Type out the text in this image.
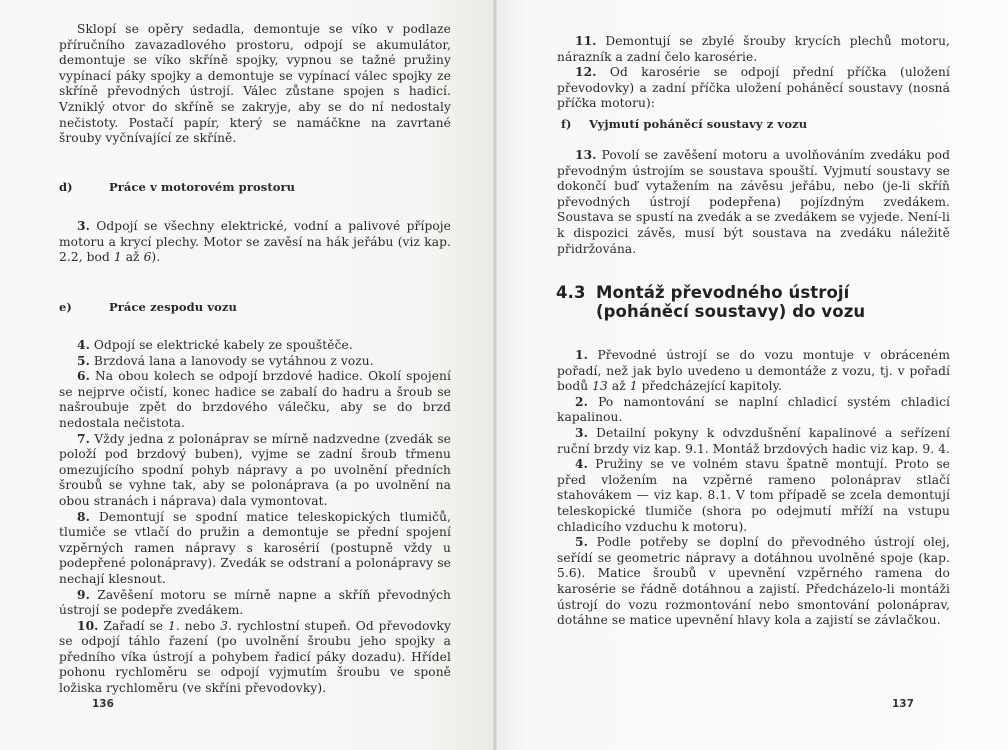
Sklopí se opěry sedadla, demontuje se víko v podlaze příručního zavazadlového prostoru, odpojí se akumulátor, demontuje se víko skříně spojky, vypnou se tažné pružiny vypínací páky spojky a demontuje se vypínací válec spojky ze skříně převodných ústrojí. Válec zůstane spojen s hadicí. Vzniklý otvor do skříně se zakryje, aby se do ní nedostaly nečistoty. Postačí papír, který se namáčkne na zavrtané šrouby vyčnívající ze skříně.

d)	Práce v motorovém prostoru

3. Odpojí se všechny elektrické, vodní a palivové přípoje motoru a krycí plechy. Motor se zavěsí na hák jeřábu (viz kap. 2.2, bod 1 až 6).

e)	Práce zespodu vozu

4. Odpojí se elektrické kabely ze spouštěče.

5. Brzdová lana a lanovody se vytáhnou z vozu.

6. Na obou kolech se odpojí brzdové hadice. Okolí spojení se nejprve očistí, konec hadice se zabalí do hadru a šroub se našroubuje zpět do brzdového válečku, aby se do brzd nedostala nečistota.

7. Vždy jedna z polonáprav se mírně nadzvedne (zvedák se položí pod brzdový buben), vyjme se zadní šroub třmenu omezujícího spodní pohyb nápravy a po uvolnění předních šroubů se vyhne tak, aby se polonáprava (a po uvolnění na obou stranách i náprava) dala vymontovat.

8. Demontují se spodní matice teleskopických tlumičů, tlumiče se vtlačí do pružin a demontuje se přední spojení vzpěrných ramen nápravy s karosérií (postupně vždy u podepřené polonápravy). Zvedák se odstraní a polonápravy se nechají klesnout.

9. Zavěšení motoru se mírně napne a skříň převodných ústrojí se podepře zvedákem.

10. Zařadí se 1. nebo 3. rychlostní stupeň. Od převodovky se odpojí táhlo řazení (po uvolnění šroubu jeho spojky a předního víka ústrojí a pohybem řadicí páky dozadu). Hřídel pohonu rychloměru se odpojí vyjmutím šroubu ve sponě ložiska rychloměru (ve skříni převodovky).

136

11. Demontují se zbylé šrouby krycích plechů motoru, nárazník a zadní čelo karosérie.

12. Od karosérie se odpojí přední příčka (uložení převodovky) a zadní příčka uložení poháněcí soustavy (nosná příčka motoru):

f)	Vyjmutí poháněcí soustavy z vozu

13. Povolí se zavěšení motoru a uvolňováním zvedáku pod převodným ústrojím se soustava spouští. Vyjmutí soustavy se dokončí buď vytažením na závěsu jeřábu, nebo (je-li skříň převodných ústrojí podepřena) pojízdným zvedákem. Soustava se spustí na zvedák a se zvedákem se vyjede. Není-li k dispozici závěs, musí být soustava na zvedáku náležitě přidržována.

4.3 Montáž převodného ústrojí
(poháněcí soustavy) do vozu

1. Převodné ústrojí se do vozu montuje v obráceném pořadí, než jak bylo uvedeno u demontáže z vozu, tj. v pořadí bodů 13 až 1 předcházející kapitoly.

2. Po namontování se naplní chladicí systém chladicí kapalinou.

3. Detailní pokyny k odvzdušnění kapalinové a seřízení ruční brzdy viz kap. 9.1. Montáž brzdových hadic viz kap. 9. 4.

4. Pružiny se ve volném stavu špatně montují. Proto se před vložením na vzpěrné rameno polonáprav stlačí stahovákem — viz kap. 8.1. V tom případě se zcela demontují teleskopické tlumiče (shora po odejmutí mříží na vstupu chladicího vzduchu k motoru).

5. Podle potřeby se doplní do převodného ústrojí olej, seřídí se geometric nápravy a dotáhnou uvolněné spoje (kap. 5.6). Matice šroubů v upevnění vzpěrného ramena do karosérie se řádně dotáhnou a zajistí. Předcházelo-li montáži ústrojí do vozu rozmontování nebo smontování polonáprav, dotáhne se matice upevnění hlavy kola a zajistí se závlačkou.

137
